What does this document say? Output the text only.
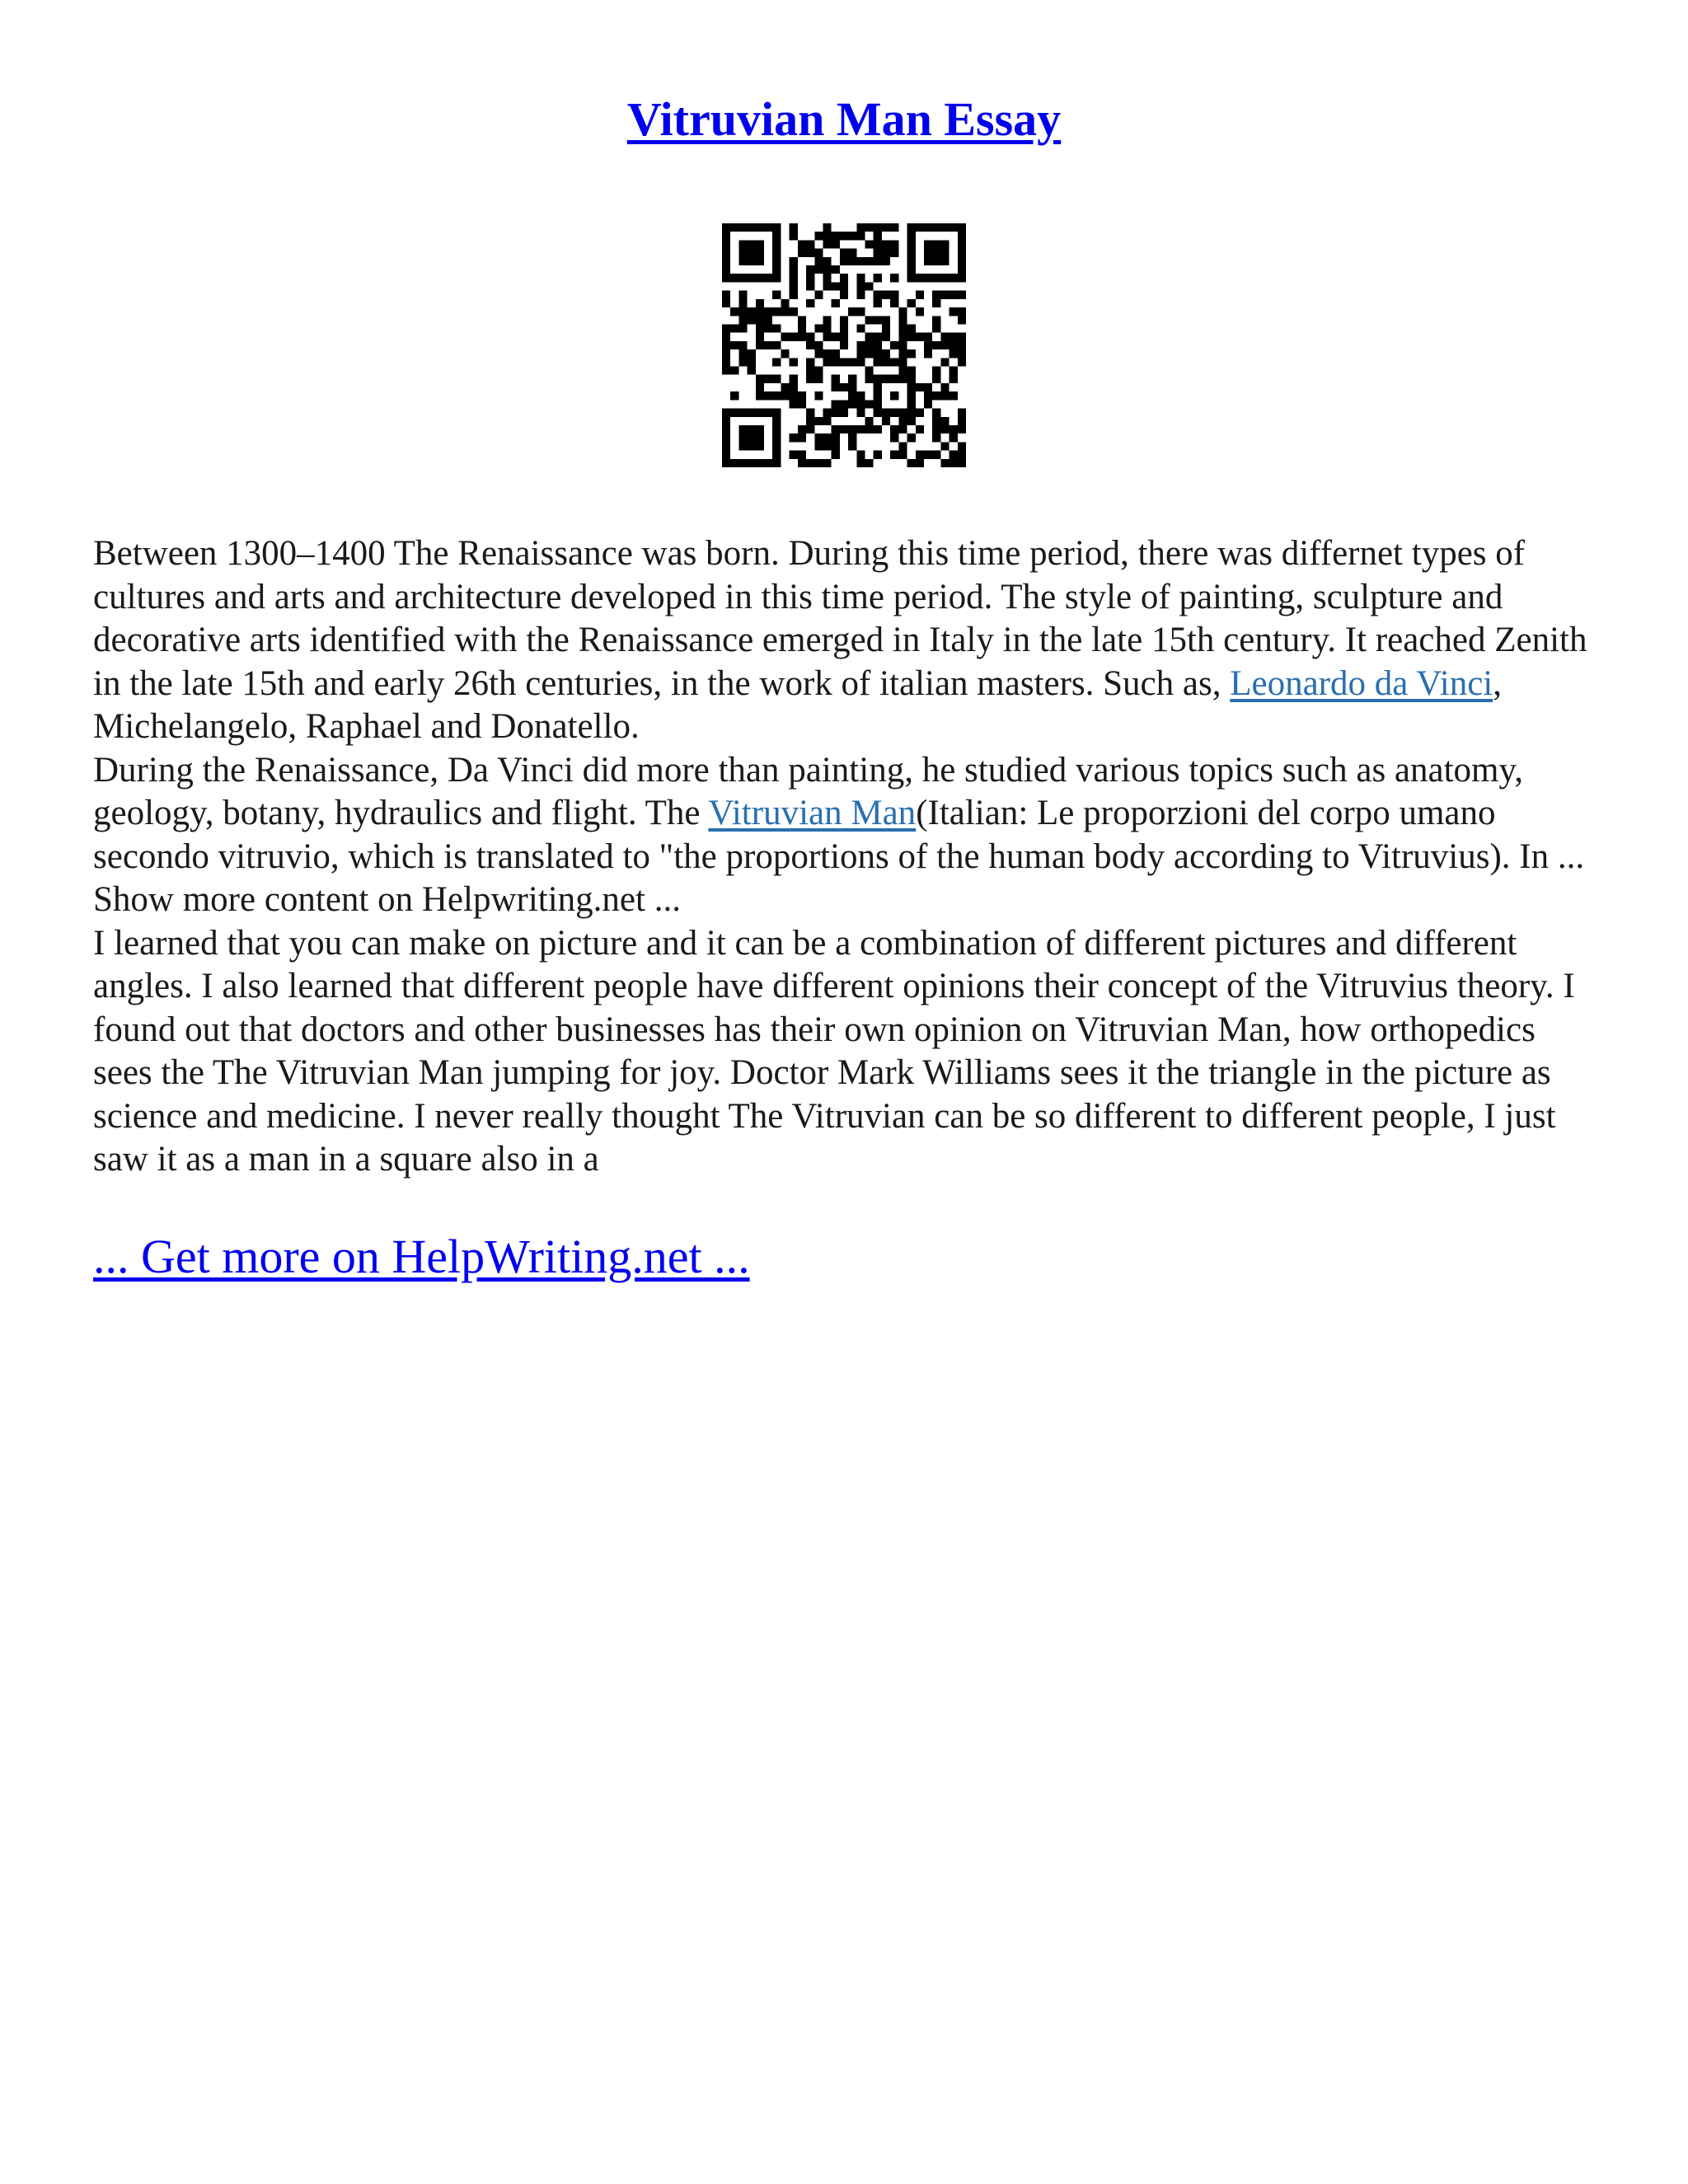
Vitruvian Man Essay

Between 1300–1400 The Renaissance was born. During this time period, there was differnet types of cultures and arts and architecture developed in this time period. The style of painting, sculpture and decorative arts identified with the Renaissance emerged in Italy in the late 15th century. It reached Zenith in the late 15th and early 26th centuries, in the work of italian masters. Such as, Leonardo da Vinci, Michelangelo, Raphael and Donatello.

During the Renaissance, Da Vinci did more than painting, he studied various topics such as anatomy, geology, botany, hydraulics and flight. The Vitruvian Man(Italian: Le proporzioni del corpo umano secondo vitruvio, which is translated to "the proportions of the human body according to Vitruvius). In ... Show more content on Helpwriting.net ...

I learned that you can make on picture and it can be a combination of different pictures and different angles. I also learned that different people have different opinions their concept of the Vitruvius theory. I found out that doctors and other businesses has their own opinion on Vitruvian Man, how orthopedics sees the The Vitruvian Man jumping for joy. Doctor Mark Williams sees it the triangle in the picture as science and medicine. I never really thought The Vitruvian can be so different to different people, I just saw it as a man in a square also in a

... Get more on HelpWriting.net ...
